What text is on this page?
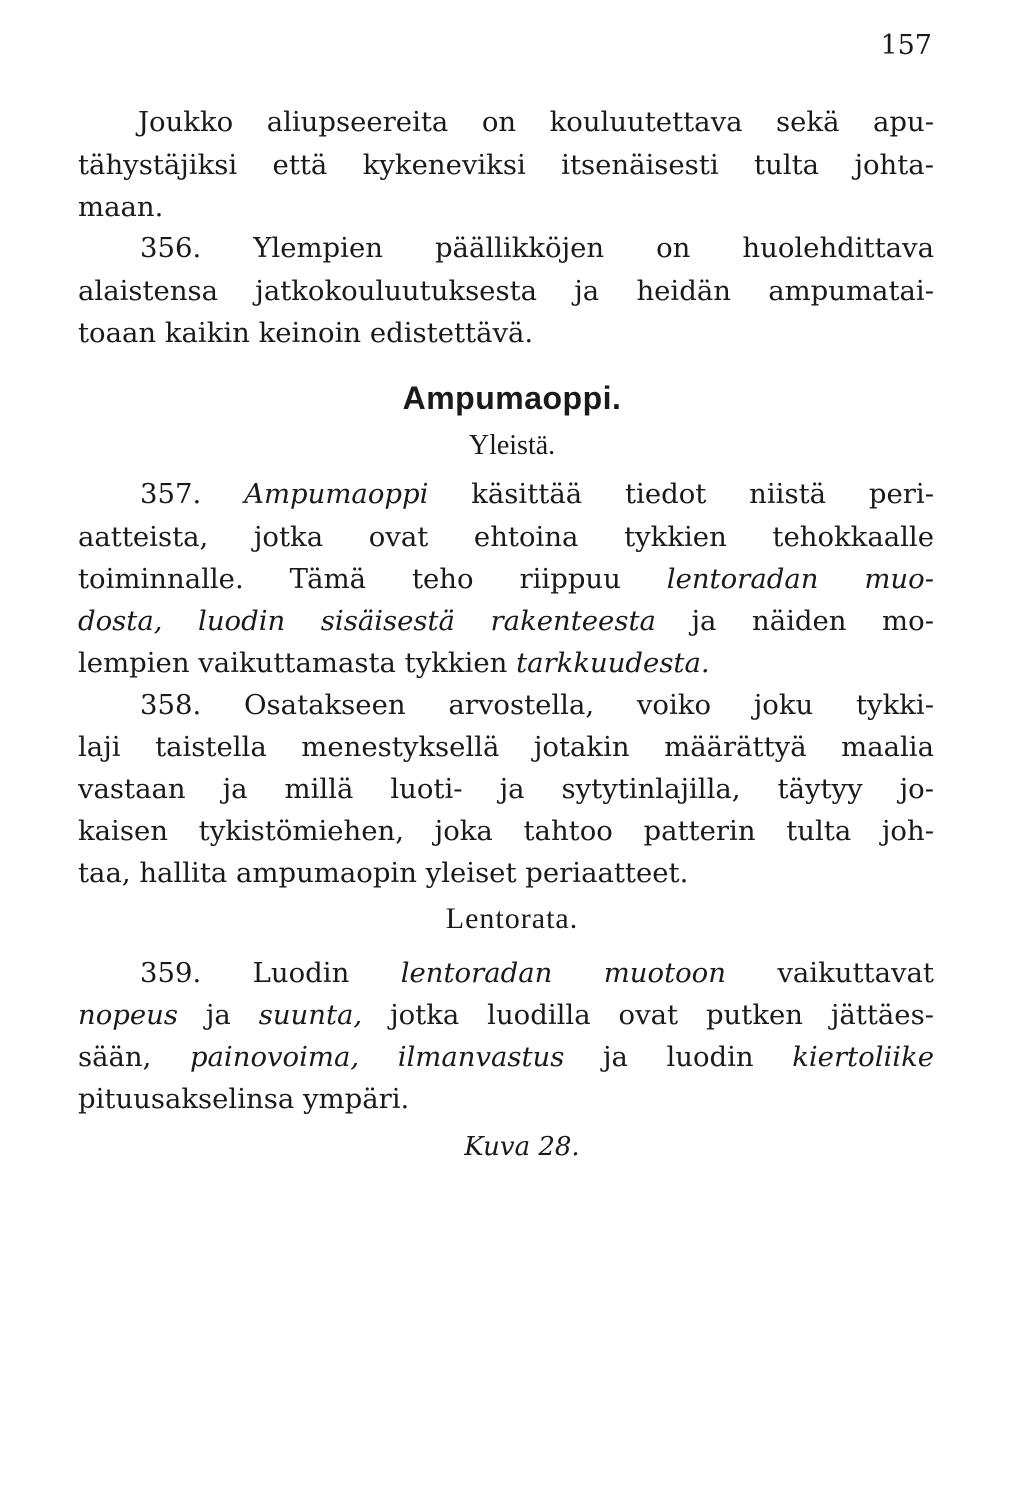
157
Joukko aliupseereita on kouluutettava sekä apu-
tähystäjiksi että kykeneviksi itsenäisesti tulta johta-
maan.
356. Ylempien päällikköjen on huolehdittava
alaistensa jatkokouluutuksesta ja heidän ampumatai-
toaan kaikin keinoin edistettävä.
Ampumaoppi.
Yleistä.
357. Ampumaoppi käsittää tiedot niistä peri-
aatteista, jotka ovat ehtoina tykkien tehokkaalle
toiminnalle. Tämä teho riippuu lentoradan muo-
dosta, luodin sisäisestä rakenteesta ja näiden mo-
lempien vaikuttamasta tykkien tarkkuudesta.
358. Osatakseen arvostella, voiko joku tykki-
laji taistella menestyksellä jotakin määrättyä maalia
vastaan ja millä luoti- ja sytytinlajilla, täytyy jo-
kaisen tykistömiehen, joka tahtoo patterin tulta joh-
taa, hallita ampumaopin yleiset periaatteet.
Lentorata.
359. Luodin lentoradan muotoon vaikuttavat
nopeus ja suunta, jotka luodilla ovat putken jättäes-
sään, painovoima, ilmanvastus ja luodin kiertoliike
pituusakselinsa ympäri.
Kuva 28.
